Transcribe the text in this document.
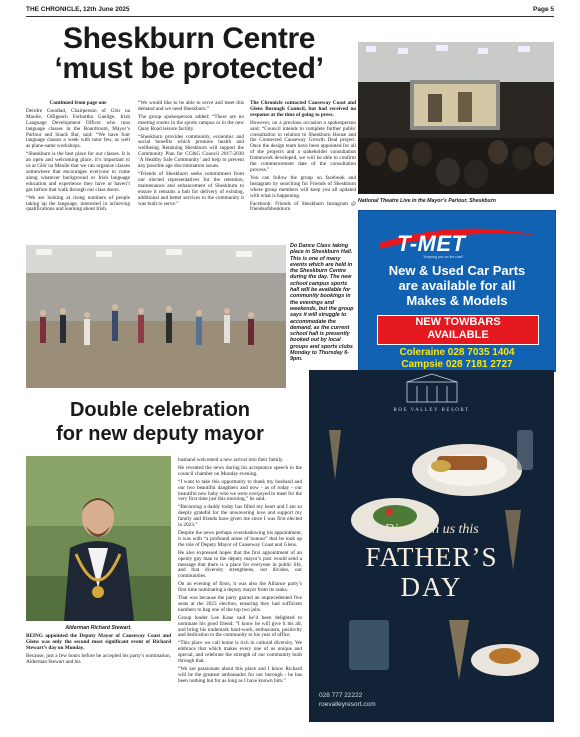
THE CHRONICLE, 12th June 2025	Page 5
Sheskburn Centre
‘must be protected’

Continued from page one

Deirdre Goodlad, Chairperson of Glór na Maoile, Oifigeach Forbartha Gaeilge, Irish Language Development Officer who runs language classes in the Boardroom, Mayor’s Parlour and Snack Bar, said: “We have four language classes a week with tutor few, as well as plane-same workshops.

“Sheskburn is the best place for our classes. It is an open and welcoming place, it’s important to us at Glór na Maoile that we can organise classes somewhere that encourages everyone to come along whatever background or Irish language education and experience they have or haven’t got before that walk through our class doors.

“We are looking at rising numbers of people taking up the language, interested in achieving qualifications and learning about Irish.

“We would like to be able to serve and meet this demand and we need Sheskburn.”

The group spokesperson added: “There are no meeting rooms in the sports campus or in the new Quay Road leisure facility.

“Sheskburn provides community, economic and social benefits which promote health and wellbeing. Retaining Sheskburn will support the Community Plan for CC&G Council 2017-2030 ‘A Healthy Safe Community’ and help to prevent any possible age discrimination issues.

“Friends of Sheskburn seeks commitment from our elected representatives for the retention, maintenance and enhancement of Sheskburn to ensure it remains a hub for delivery of existing, additional and better services to the community it was built to serve.”

The Chronicle contacted Causeway Coast and Glens Borough Council, but had received no response at the time of going to press.

However, on a previous occasion a spokesperson said: “Council intends to complete further public consultation in relation to Sheskburn House and the Connected Causeway Growth Deal project. Once the design team have been appointed for all of the projects and a stakeholder consultation framework developed, we will be able to confirm the commencement date of the consultation process.”

You can follow the group on facebook and Instagram by searching for Friends of Sheskburn where group members will keep you all updated with what is happening.

Facebook: Friends of Sheskburn Instagram @ friendsofsheskburn

National Theatre Live in the Mayor’s Parlour, Sheskburn
Do Dance Class taking place in Sheskburn Hall. This is one of many events which are held in the Sheskburn Centre during the day. The new school campus sports hall will be available for community bookings in the evenings and weekends, but the group says it will struggle to accommodate the demand, as the current school hall is presently booked out by local groups and sports clubs Monday to Thursday 6-9pm.
T-MET
“Keeping you on the road”
New & Used Car Parts
are available for all
Makes & Models
NEW TOWBARS
AVAILABLE
Coleraine 028 7035 1404
Campsie 028 7181 2727
Double celebration
for new deputy mayor
Alderman Richard Stewart.

BEING appointed the Deputy Mayor of Causeway Coast and Glens was only the second most significant event of Richard Stewart’s day on Monday.

Because, just a few hours before he accepted his party’s nomination, Alderman Stewart and his

husband welcomed a new arrival into their family.

He revealed the news during his acceptance speech in the council chamber on Monday evening.

“I want to take this opportunity to thank my husband and our two beautiful daughters and now - as of today - our beautiful new baby who we were overjoyed to meet for the very first time just this morning,” he said.

“Becoming a daddy today has filled my heart and I am so deeply grateful for the unwavering love and support my family and friends have given me since I was first elected in 2023.”

Despite the news perhaps overshadowing his appointment, it was with “a profound sense of honour” that he took up the role of Deputy Mayor of Causeway Coast and Glens.

He also expressed hopes that the first appointment of an openly gay man to the deputy mayor’s post would send a message that there is a place for everyone in public life, and that diversity strengthens, not divides, our communities.

On an evening of firsts, it was also the Alliance party’s first time nominating a deputy mayor from its ranks.

That was because the party gained an unprecedented five seats at the 2023 election, ensuring they had sufficient numbers to bag one of the top two jobs.

Group leader Lee Kane said he’d been delighted to nominate his good friend: “I know he will give it his all, and bring his trademark hard-work, enthusiasm, positivity and dedication to the community to his year of office.

“This place we call home is rich in cultural diversity. We embrace that which makes every one of us unique and special, and celebrate the strength of our community built through that.

“We are passionate about this place and I know Richard will be the greatest ambassador for our borough - he has been nothing but for as long as I have known him.”

ROE VALLEY RESORT
Dine with us this
FATHER’S
DAY
028 777 22222
roevalleyresort.com
